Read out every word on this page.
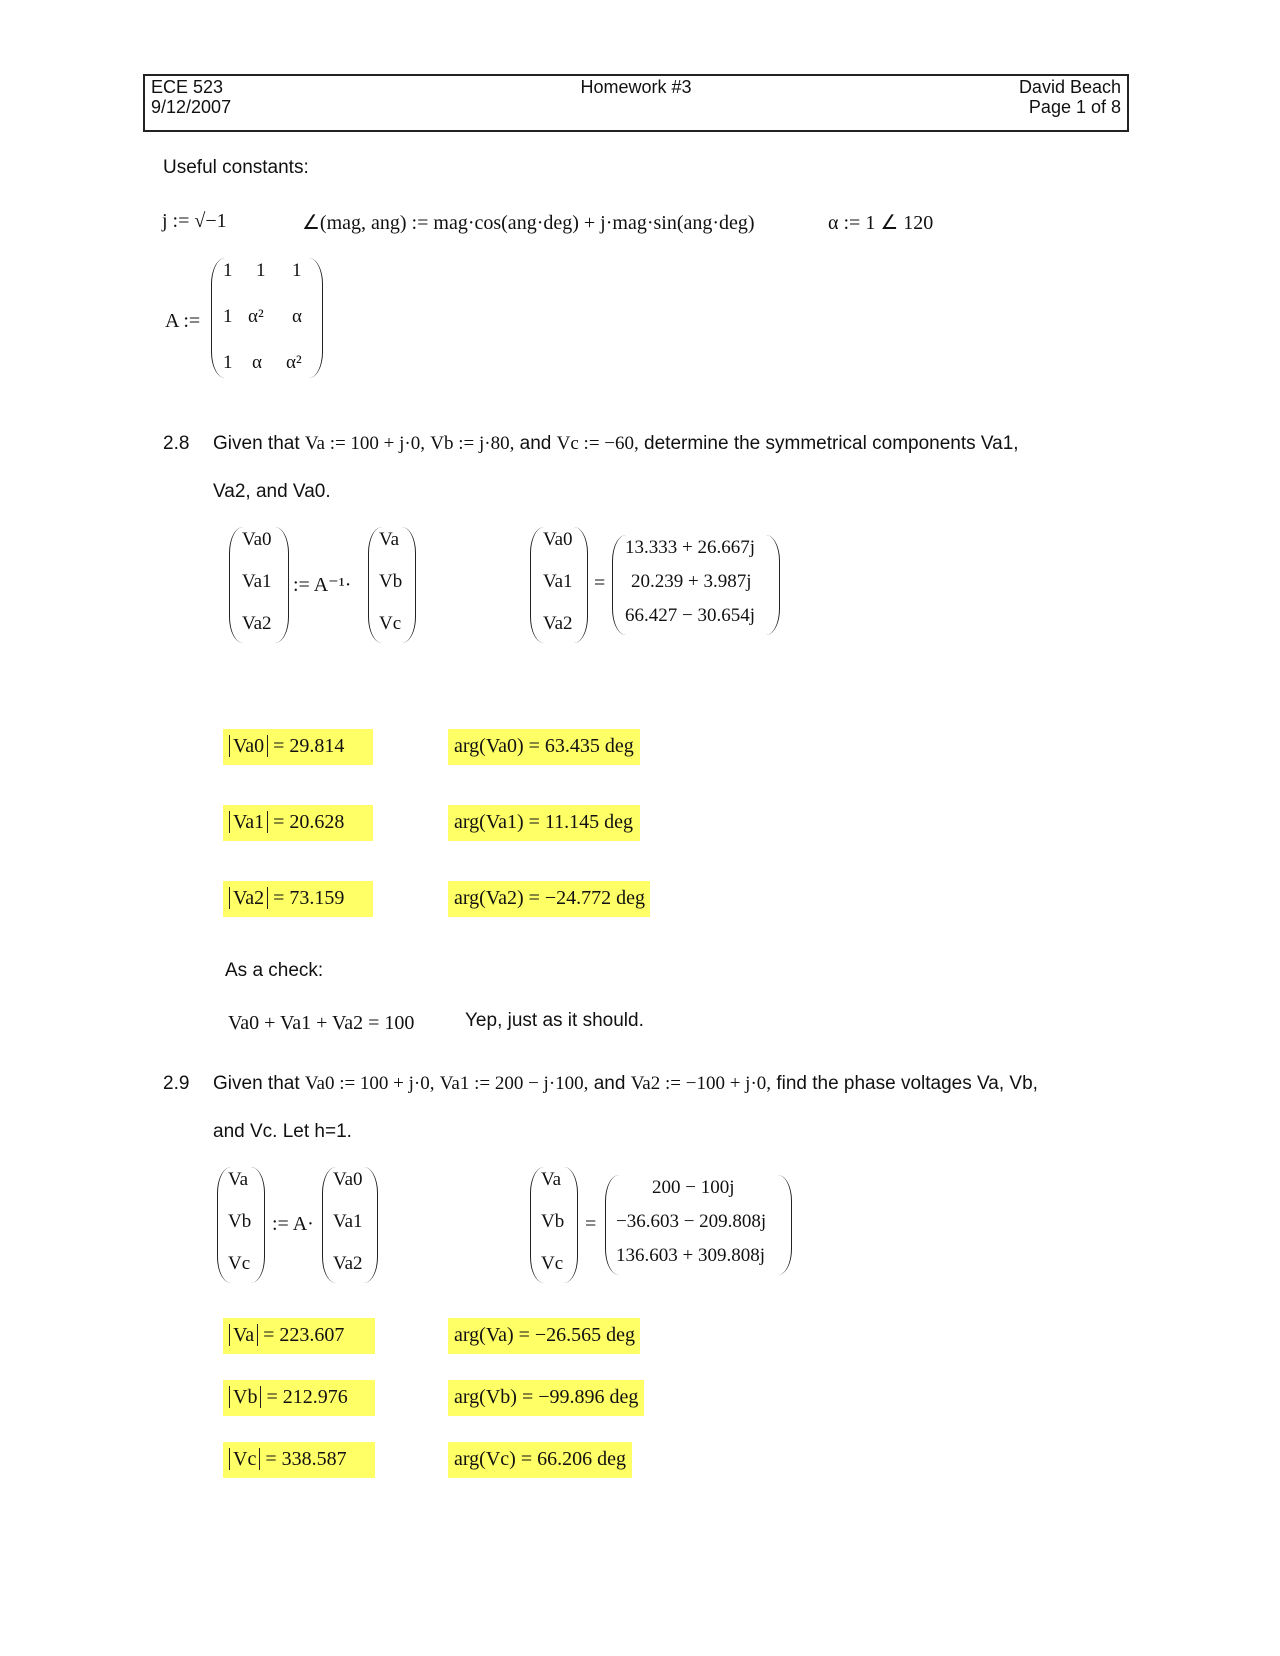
ECE 523
9/12/2007
Homework #3	David Beach
Page 1 of 8
Useful constants:
j := √−1	∠(mag, ang) := mag·cos(ang·deg) + j·mag·sin(ang·deg)	α := 1 ∠ 120
A :=
1 1 1
1 α² α
1 α α²
2.8 Given that Va := 100 + j·0, Vb := j·80, and Vc := −60, determine the symmetrical components Va1,
Va2, and Va0.
Va0
Va1
Va2
:= A⁻¹·
Va
Vb
Vc
Va0
Va1
Va2
=
13.333 + 26.667j
20.239 + 3.987j
66.427 − 30.654j
Va0 = 29.814	arg(Va0) = 63.435 deg
Va1 = 20.628	arg(Va1) = 11.145 deg
Va2 = 73.159	arg(Va2) = −24.772 deg
As a check:
Va0 + Va1 + Va2 = 100	Yep, just as it should.
2.9 Given that Va0 := 100 + j·0, Va1 := 200 − j·100, and Va2 := −100 + j·0, find the phase voltages Va, Vb,
and Vc. Let h=1.
Va
Vb
Vc
:= A·
Va0
Va1
Va2
Va
Vb
Vc
=
200 − 100j
−36.603 − 209.808j
136.603 + 309.808j
Va = 223.607	arg(Va) = −26.565 deg
Vb = 212.976	arg(Vb) = −99.896 deg
Vc = 338.587	arg(Vc) = 66.206 deg
